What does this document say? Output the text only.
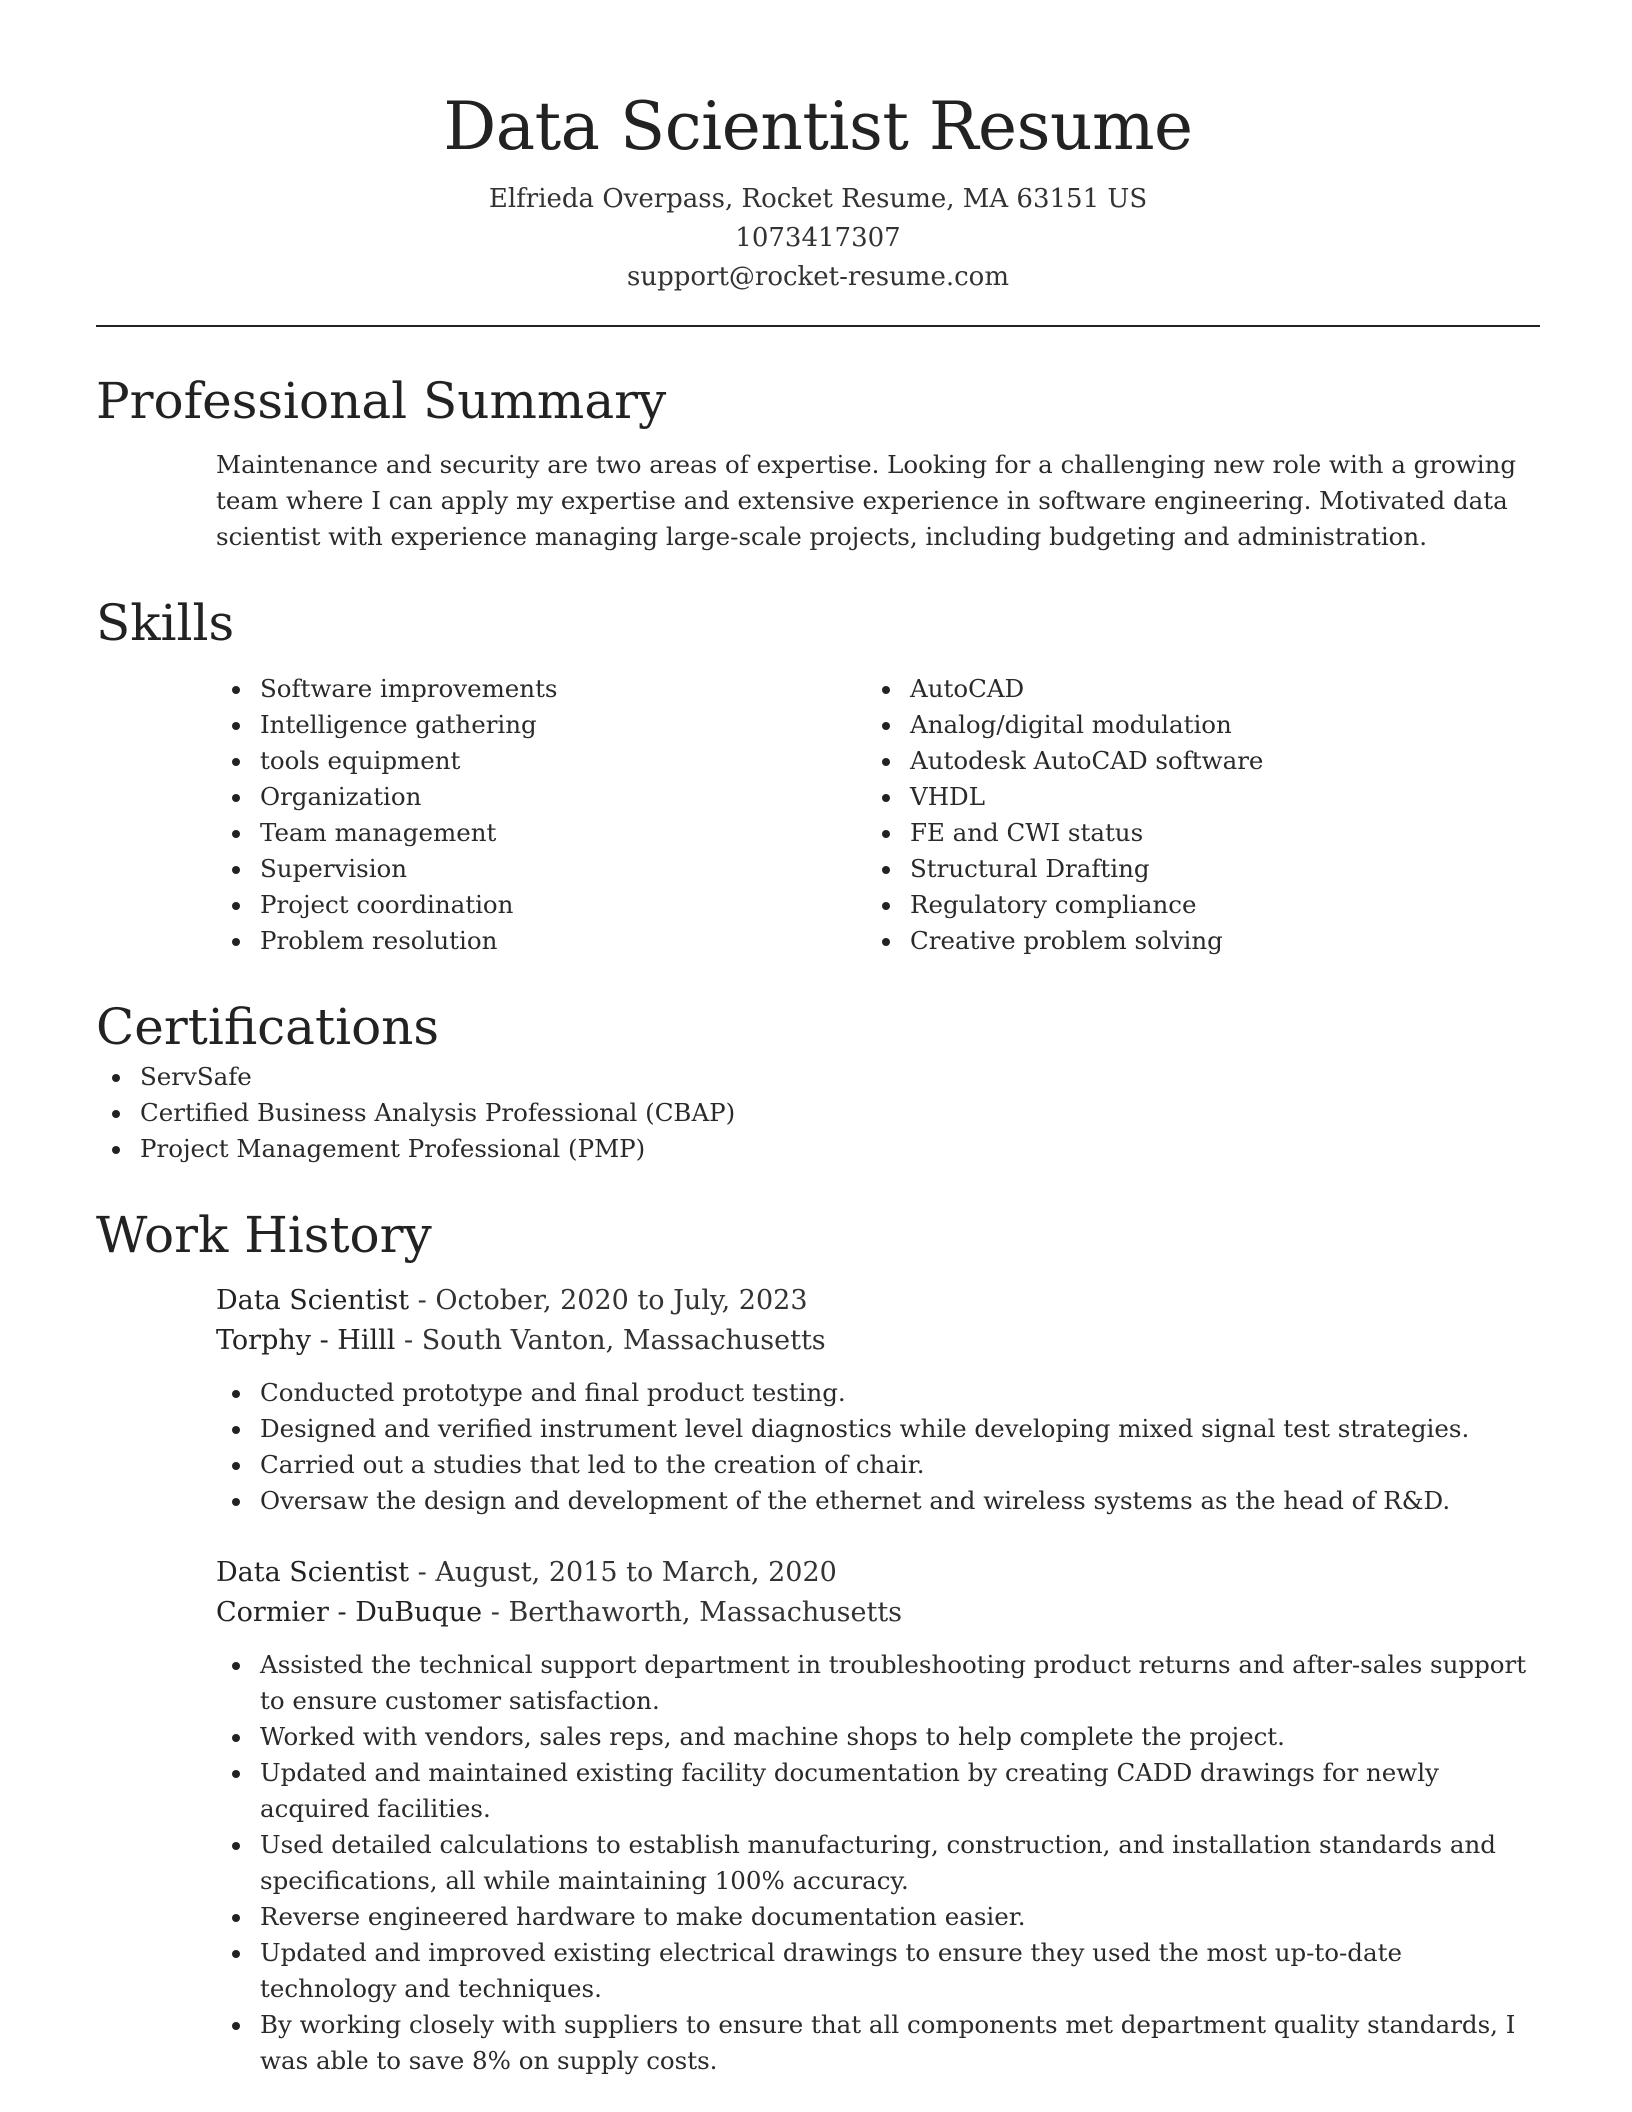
Data Scientist Resume
Elfrieda Overpass, Rocket Resume, MA 63151 US
1073417307
support@rocket-resume.com
Professional Summary

Maintenance and security are two areas of expertise. Looking for a challenging new role with a growing team where I can apply my expertise and extensive experience in software engineering. Motivated data scientist with experience managing large-scale projects, including budgeting and administration.

Skills
Software improvements
Intelligence gathering
tools equipment
Organization
Team management
Supervision
Project coordination
Problem resolution
AutoCAD
Analog/digital modulation
Autodesk AutoCAD software
VHDL
FE and CWI status
Structural Drafting
Regulatory compliance
Creative problem solving
Certifications
ServSafe
Certified Business Analysis Professional (CBAP)
Project Management Professional (PMP)
Work History
Data Scientist - October, 2020 to July, 2023
Torphy - Hilll - South Vanton, Massachusetts
Conducted prototype and final product testing.
Designed and verified instrument level diagnostics while developing mixed signal test strategies.
Carried out a studies that led to the creation of chair.
Oversaw the design and development of the ethernet and wireless systems as the head of R&D.
Data Scientist - August, 2015 to March, 2020
Cormier - DuBuque - Berthaworth, Massachusetts
Assisted the technical support department in troubleshooting product returns and after-sales support to ensure customer satisfaction.
Worked with vendors, sales reps, and machine shops to help complete the project.
Updated and maintained existing facility documentation by creating CADD drawings for newly acquired facilities.
Used detailed calculations to establish manufacturing, construction, and installation standards and specifications, all while maintaining 100% accuracy.
Reverse engineered hardware to make documentation easier.
Updated and improved existing electrical drawings to ensure they used the most up-to-date technology and techniques.
By working closely with suppliers to ensure that all components met department quality standards, I was able to save 8% on supply costs.
